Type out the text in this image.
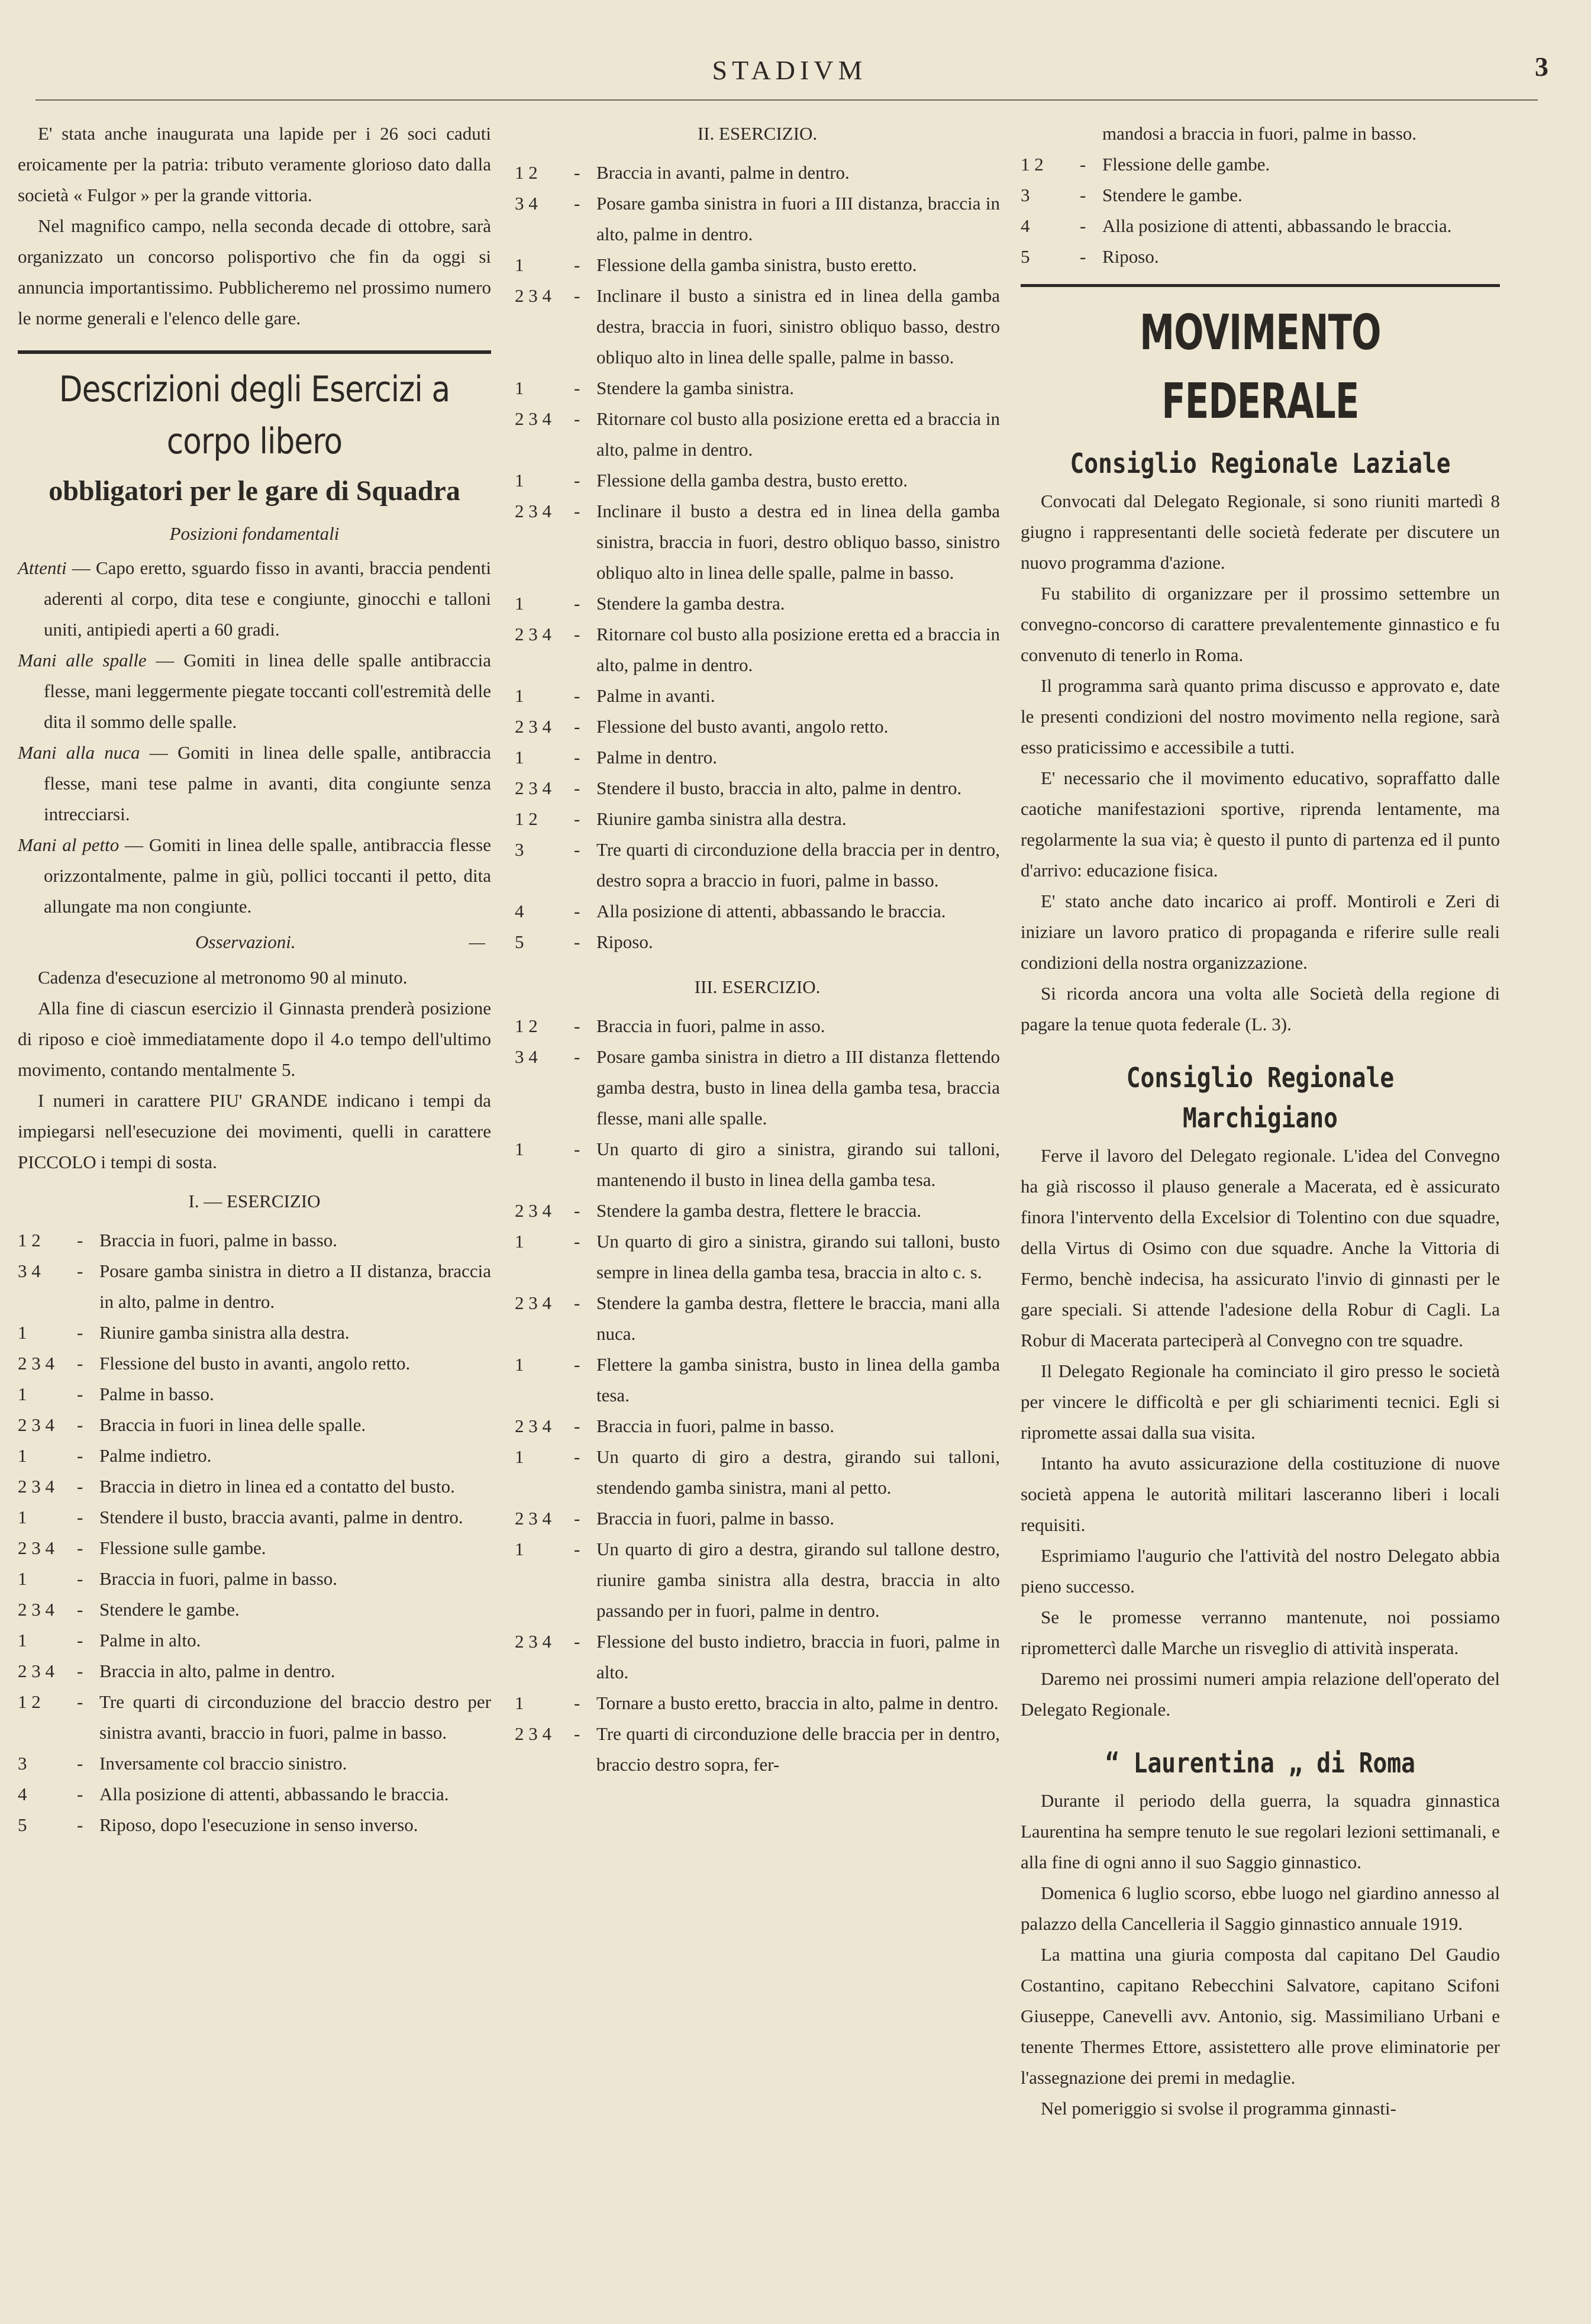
STADIVM	3

E' stata anche inaugurata una lapide per i 26 soci caduti eroicamente per la patria: tributo veramente glorioso dato dalla società « Fulgor » per la grande vittoria.

Nel magnifico campo, nella seconda decade di ottobre, sarà organizzato un concorso polisportivo che fin da oggi si annuncia importantissimo. Pubblicheremo nel prossimo numero le norme generali e l'elenco delle gare.

Descrizioni degli Esercizi a corpo libero
obbligatori per le gare di Squadra
Posizioni fondamentali

Attenti — Capo eretto, sguardo fisso in avanti, braccia pendenti aderenti al corpo, dita tese e congiunte, ginocchi e talloni uniti, antipiedi aperti a 60 gradi.

Mani alle spalle — Gomiti in linea delle spalle antibraccia flesse, mani leggermente piegate toccanti coll'estremità delle dita il sommo delle spalle.

Mani alla nuca — Gomiti in linea delle spalle, antibraccia flesse, mani tese palme in avanti, dita congiunte senza intrecciarsi.

Mani al petto — Gomiti in linea delle spalle, antibraccia flesse orizzontalmente, palme in giù, pollici toccanti il petto, dita allungate ma non congiunte.

Osservazioni.	—

Cadenza d'esecuzione al metronomo 90 al minuto.

Alla fine di ciascun esercizio il Ginnasta prenderà posizione di riposo e cioè immediatamente dopo il 4.o tempo dell'ultimo movimento, contando mentalmente 5.

I numeri in carattere PIU' GRANDE indicano i tempi da impiegarsi nell'esecuzione dei movimenti, quelli in carattere PICCOLO i tempi di sosta.

I. — ESERCIZIO
1 2	- Braccia in fuori, palme in basso.
3 4	- Posare gamba sinistra in dietro a II distanza, braccia in alto, palme in dentro.
1	- Riunire gamba sinistra alla destra.
2 3 4	- Flessione del busto in avanti, angolo retto.
1	- Palme in basso.
2 3 4	- Braccia in fuori in linea delle spalle.
1	- Palme indietro.
2 3 4	- Braccia in dietro in linea ed a contatto del busto.
1	- Stendere il busto, braccia avanti, palme in dentro.
2 3 4	- Flessione sulle gambe.
1	- Braccia in fuori, palme in basso.
2 3 4	- Stendere le gambe.
1	- Palme in alto.
2 3 4	- Braccia in alto, palme in dentro.
1 2	- Tre quarti di circonduzione del braccio destro per sinistra avanti, braccio in fuori, palme in basso.
3	- Inversamente col braccio sinistro.
4	- Alla posizione di attenti, abbassando le braccia.
5	- Riposo, dopo l'esecuzione in senso inverso.
II. ESERCIZIO.
1 2	- Braccia in avanti, palme in dentro.
3 4	- Posare gamba sinistra in fuori a III distanza, braccia in alto, palme in dentro.
1	- Flessione della gamba sinistra, busto eretto.
2 3 4	- Inclinare il busto a sinistra ed in linea della gamba destra, braccia in fuori, sinistro obliquo basso, destro obliquo alto in linea delle spalle, palme in basso.
1	- Stendere la gamba sinistra.
2 3 4	- Ritornare col busto alla posizione eretta ed a braccia in alto, palme in dentro.
1	- Flessione della gamba destra, busto eretto.
2 3 4	- Inclinare il busto a destra ed in linea della gamba sinistra, braccia in fuori, destro obliquo basso, sinistro obliquo alto in linea delle spalle, palme in basso.
1	- Stendere la gamba destra.
2 3 4	- Ritornare col busto alla posizione eretta ed a braccia in alto, palme in dentro.
1	- Palme in avanti.
2 3 4	- Flessione del busto avanti, angolo retto.
1	- Palme in dentro.
2 3 4	- Stendere il busto, braccia in alto, palme in dentro.
1 2	- Riunire gamba sinistra alla destra.
3	- Tre quarti di circonduzione della braccia per in dentro, destro sopra a braccio in fuori, palme in basso.
4	- Alla posizione di attenti, abbassando le braccia.
5	- Riposo.
III. ESERCIZIO.
1 2	- Braccia in fuori, palme in asso.
3 4	- Posare gamba sinistra in dietro a III distanza flettendo gamba destra, busto in linea della gamba tesa, braccia flesse, mani alle spalle.
1	- Un quarto di giro a sinistra, girando sui talloni, mantenendo il busto in linea della gamba tesa.
2 3 4	- Stendere la gamba destra, flettere le braccia.
1	- Un quarto di giro a sinistra, girando sui talloni, busto sempre in linea della gamba tesa, braccia in alto c. s.
2 3 4	- Stendere la gamba destra, flettere le braccia, mani alla nuca.
1	- Flettere la gamba sinistra, busto in linea della gamba tesa.
2 3 4	- Braccia in fuori, palme in basso.
1	- Un quarto di giro a destra, girando sui talloni, stendendo gamba sinistra, mani al petto.
2 3 4	- Braccia in fuori, palme in basso.
1	- Un quarto di giro a destra, girando sul tallone destro, riunire gamba sinistra alla destra, braccia in alto passando per in fuori, palme in dentro.
2 3 4	- Flessione del busto indietro, braccia in fuori, palme in alto.
1	- Tornare a busto eretto, braccia in alto, palme in dentro.
2 3 4	- Tre quarti di circonduzione delle braccia per in dentro, braccio destro sopra, fer-
mandosi a braccia in fuori, palme in basso.
1 2	- Flessione delle gambe.
3	- Stendere le gambe.
4	- Alla posizione di attenti, abbassando le braccia.
5	- Riposo.
MOVIMENTO FEDERALE
Consiglio Regionale Laziale

Convocati dal Delegato Regionale, si sono riuniti martedì 8 giugno i rappresentanti delle società federate per discutere un nuovo programma d'azione.

Fu stabilito di organizzare per il prossimo settembre un convegno-concorso di carattere prevalentemente ginnastico e fu convenuto di tenerlo in Roma.

Il programma sarà quanto prima discusso e approvato e, date le presenti condizioni del nostro movimento nella regione, sarà esso praticissimo e accessibile a tutti.

E' necessario che il movimento educativo, sopraffatto dalle caotiche manifestazioni sportive, riprenda lentamente, ma regolarmente la sua via; è questo il punto di partenza ed il punto d'arrivo: educazione fisica.

E' stato anche dato incarico ai proff. Montiroli e Zeri di iniziare un lavoro pratico di propaganda e riferire sulle reali condizioni della nostra organizzazione.

Si ricorda ancora una volta alle Società della regione di pagare la tenue quota federale (L. 3).

Consiglio Regionale Marchigiano

Ferve il lavoro del Delegato regionale. L'idea del Convegno ha già riscosso il plauso generale a Macerata, ed è assicurato finora l'intervento della Excelsior di Tolentino con due squadre, della Virtus di Osimo con due squadre. Anche la Vittoria di Fermo, benchè indecisa, ha assicurato l'invio di ginnasti per le gare speciali. Si attende l'adesione della Robur di Cagli. La Robur di Macerata parteciperà al Convegno con tre squadre.

Il Delegato Regionale ha cominciato il giro presso le società per vincere le difficoltà e per gli schiarimenti tecnici. Egli si ripromette assai dalla sua visita.

Intanto ha avuto assicurazione della costituzione di nuove società appena le autorità militari lasceranno liberi i locali requisiti.

Esprimiamo l'augurio che l'attività del nostro Delegato abbia pieno successo.

Se le promesse verranno mantenute, noi possiamo ripromettercì dalle Marche un risveglio di attività insperata.

Daremo nei prossimi numeri ampia relazione dell'operato del Delegato Regionale.

“ Laurentina „ di Roma

Durante il periodo della guerra, la squadra ginnastica Laurentina ha sempre tenuto le sue regolari lezioni settimanali, e alla fine di ogni anno il suo Saggio ginnastico.

Domenica 6 luglio scorso, ebbe luogo nel giardino annesso al palazzo della Cancelleria il Saggio ginnastico annuale 1919.

La mattina una giuria composta dal capitano Del Gaudio Costantino, capitano Rebecchini Salvatore, capitano Scifoni Giuseppe, Canevelli avv. Antonio, sig. Massimiliano Urbani e tenente Thermes Ettore, assistettero alle prove eliminatorie per l'assegnazione dei premi in medaglie.

Nel pomeriggio si svolse il programma ginnasti-
